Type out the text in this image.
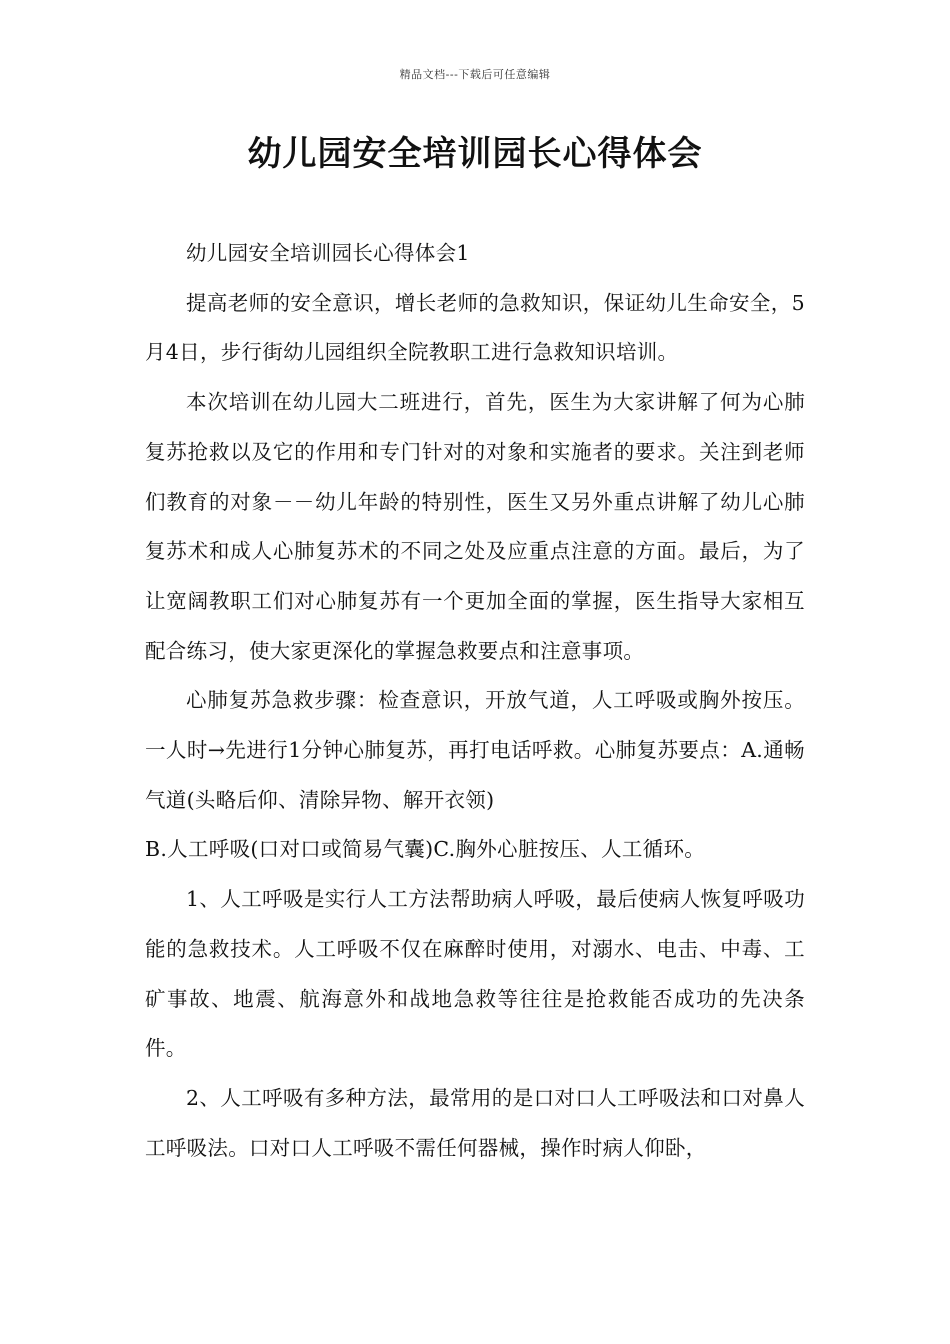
精品文档---下载后可任意编辑
幼儿园安全培训园长心得体会

幼儿园安全培训园长心得体会1

提高老师的安全意识，增长老师的急救知识，保证幼儿生命安全，5月4日，步行街幼儿园组织全院教职工进行急救知识培训。

本次培训在幼儿园大二班进行，首先，医生为大家讲解了何为心肺复苏抢救以及它的作用和专门针对的对象和实施者的要求。关注到老师们教育的对象－－幼儿年龄的特别性，医生又另外重点讲解了幼儿心肺复苏术和成人心肺复苏术的不同之处及应重点注意的方面。最后，为了让宽阔教职工们对心肺复苏有一个更加全面的掌握，医生指导大家相互配合练习，使大家更深化的掌握急救要点和注意事项。

心肺复苏急救步骤：检查意识，开放气道，人工呼吸或胸外按压。一人时→先进行1分钟心肺复苏，再打电话呼救。心肺复苏要点：A.通畅气道(头略后仰、清除异物、解开衣领)

B.人工呼吸(口对口或简易气囊)C.胸外心脏按压、人工循环。

1、人工呼吸是实行人工方法帮助病人呼吸，最后使病人恢复呼吸功能的急救技术。人工呼吸不仅在麻醉时使用，对溺水、电击、中毒、工矿事故、地震、航海意外和战地急救等往往是抢救能否成功的先决条件。

2、人工呼吸有多种方法，最常用的是口对口人工呼吸法和口对鼻人工呼吸法。口对口人工呼吸不需任何器械，操作时病人仰卧，
